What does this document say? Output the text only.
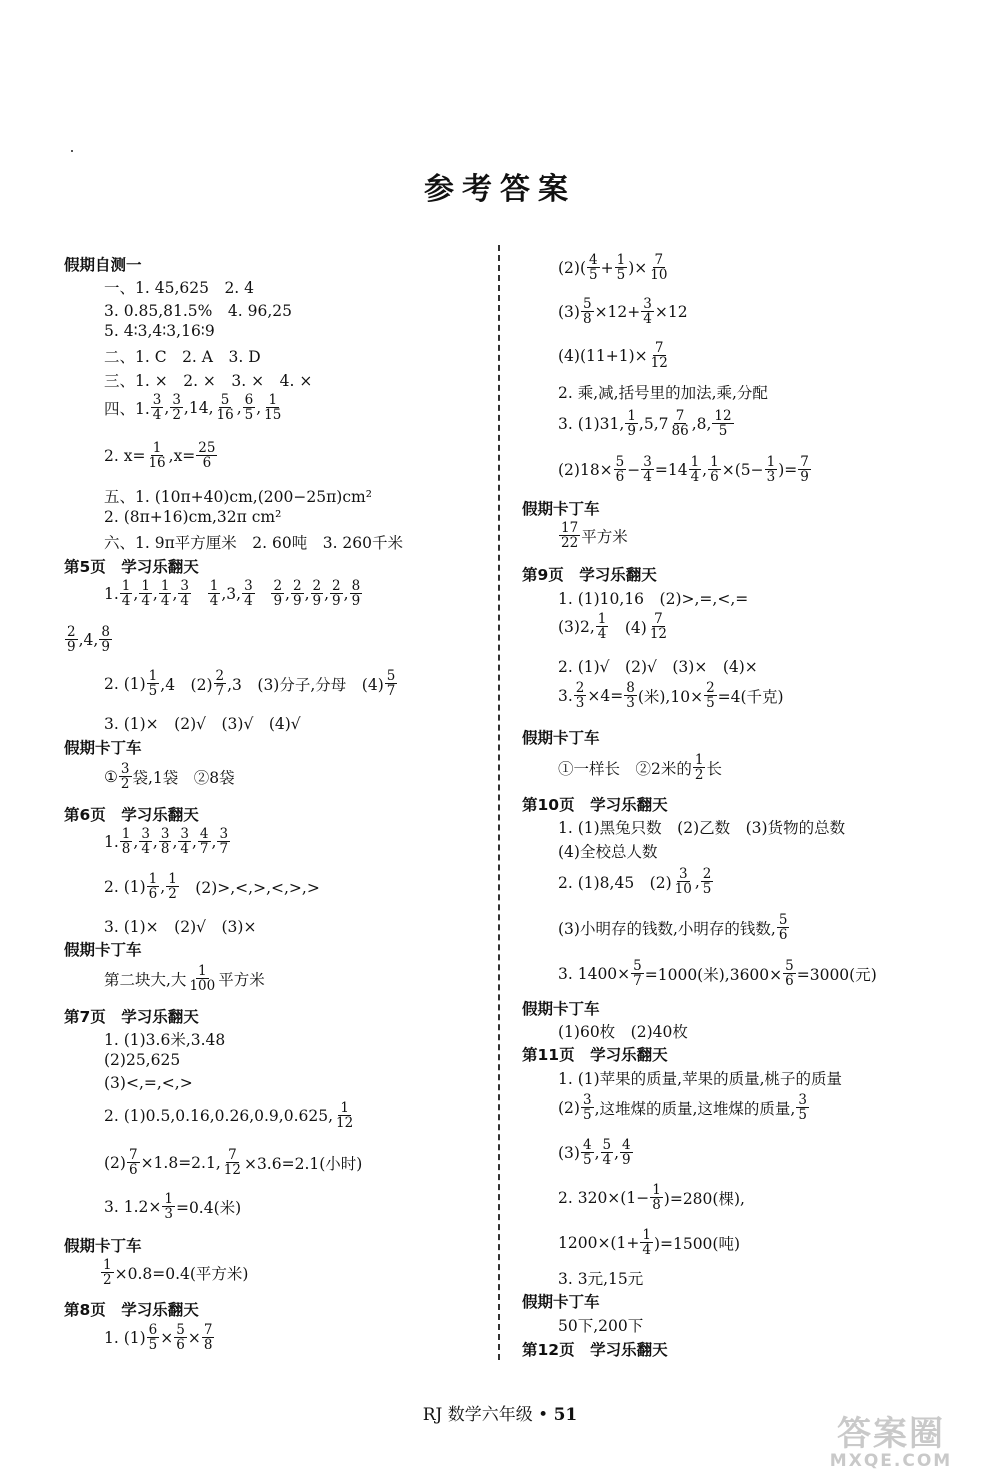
参考答案
假期自测一
一、1. 45,625　2. 4
3. 0.85,81.5%　4. 96,25
5. 4∶3,4∶3,16∶9
二、1. C　2. A　3. D
三、1. ×　2. ×　3. ×　4. ×
四、1. $\frac{3}{4}$ , $\frac{3}{2} ,14$, $\frac{5}{16}$ , $\frac{6}{5}$ , $\frac{1}{15}$
2. $x= \frac{1}{16} ,x= \frac{25}{6}$
五、1. (10π+40)cm,(200−25π)cm²
2. (8π+16)cm,32π cm²
六、1. 9π平方厘米　2. 60吨　3. 260千米
第5页　学习乐翻天
1. $\frac{1}{4}$ , $\frac{1}{4}$ , $\frac{1}{4}$ , $\frac{3}{4}$
$\frac{1}{4} ,3$, $\frac{3}{4}$
$\frac{2}{9}$ , $\frac{2}{9}$ , $\frac{2}{9}$ , $\frac{2}{9}$ , $\frac{8}{9}$
$\frac{2}{9} ,4$, $\frac{8}{9}$
2. $(1) \frac{1}{5} ,4$　$(2) \frac{2}{7} ,3$　(3)分子,分母　$(4) \frac{5}{7}$
3. (1)×　(2)√　(3)√　(4)√
假期卡丁车
① $\frac{3}{2}$ 袋,1袋　②8袋
第6页　学习乐翻天
1. $\frac{1}{8}$ , $\frac{3}{4}$ , $\frac{3}{8}$ , $\frac{3}{4}$ , $\frac{4}{7}$ , $\frac{3}{7}$
2. $(1) \frac{1}{6}$ , $\frac{1}{2}$ 　(2)>,<,>,<,>,>
3. (1)×　(2)√　(3)×
假期卡丁车
第二块大,大 $\frac{1}{100}$ 平方米
第7页　学习乐翻天
1. (1)3.6米,3.48
(2)25,625
(3)<,=,<,>
2. (1)0.5,0.16,0.26,0.9,0.625, $\frac{1}{12}$
$(2) \frac{7}{6} \times 1.8=2.1$, $\frac{7}{12} \times 3.6=2.1$(小时)
3. $1.2\times \frac{1}{3} =0.4$(米)
假期卡丁车
$\frac{1}{2} \times 0.8=0.4$(平方米)
第8页　学习乐翻天
1. $(1) \frac{6}{5} \times \frac{5}{6} \times \frac{7}{8}$
$(2)( \frac{4}{5} + \frac{1}{5}$ )× $\frac{7}{10}$
$(3) \frac{5}{8} \times 12+ \frac{3}{4} \times 12$
$(4)(11+1)\times \frac{7}{12}$
2. 乘,减,括号里的加法,乘,分配
3. (1)31, $\frac{1}{9} ,5,7 \frac{7}{86} ,8$, $\frac{12}{5}$
$(2)18\times \frac{5}{6} - \frac{3}{4} =14 \frac{1}{4}$ , $\frac{1}{6} \times(5- \frac{1}{3}$ )= $\frac{7}{9}$
假期卡丁车
$\frac{17}{22}$ 平方米
第9页　学习乐翻天
1. (1)10,16　(2)>,=,<,=
(3)2, $\frac{1}{4}$ 　$(4) \frac{7}{12}$
2. (1)√　(2)√　(3)×　(4)×
3. $\frac{2}{3} \times 4= \frac{8}{3}$ (米)$,10\times \frac{2}{5} =4$(千克)
假期卡丁车
①一样长　②2米的 $\frac{1}{2}$ 长
第10页　学习乐翻天
1. (1)黑兔只数　(2)乙数　(3)货物的总数
(4)全校总人数
2. (1)8,45　$(2) \frac{3}{10}$ , $\frac{2}{5}$
(3)小明存的钱数,小明存的钱数, $\frac{5}{6}$
3. $1400\times \frac{5}{7} =1000$(米)$,3600\times \frac{5}{6} =3000$(元)
假期卡丁车
(1)60枚　(2)40枚
第11页　学习乐翻天
1. (1)苹果的质量,苹果的质量,桃子的质量
$(2) \frac{3}{5}$ ,这堆煤的质量,这堆煤的质量, $\frac{3}{5}$
$(3) \frac{4}{5}$ , $\frac{5}{4}$ , $\frac{4}{9}$
2. $320\times(1- \frac{1}{8} )=280$(棵),
$1200\times(1+ \frac{1}{4} )=1500$(吨)
3. 3元,15元
假期卡丁车
50下,200下
第12页　学习乐翻天
RJ 数学六年级 • 51	答案圈
MXQE.COM
